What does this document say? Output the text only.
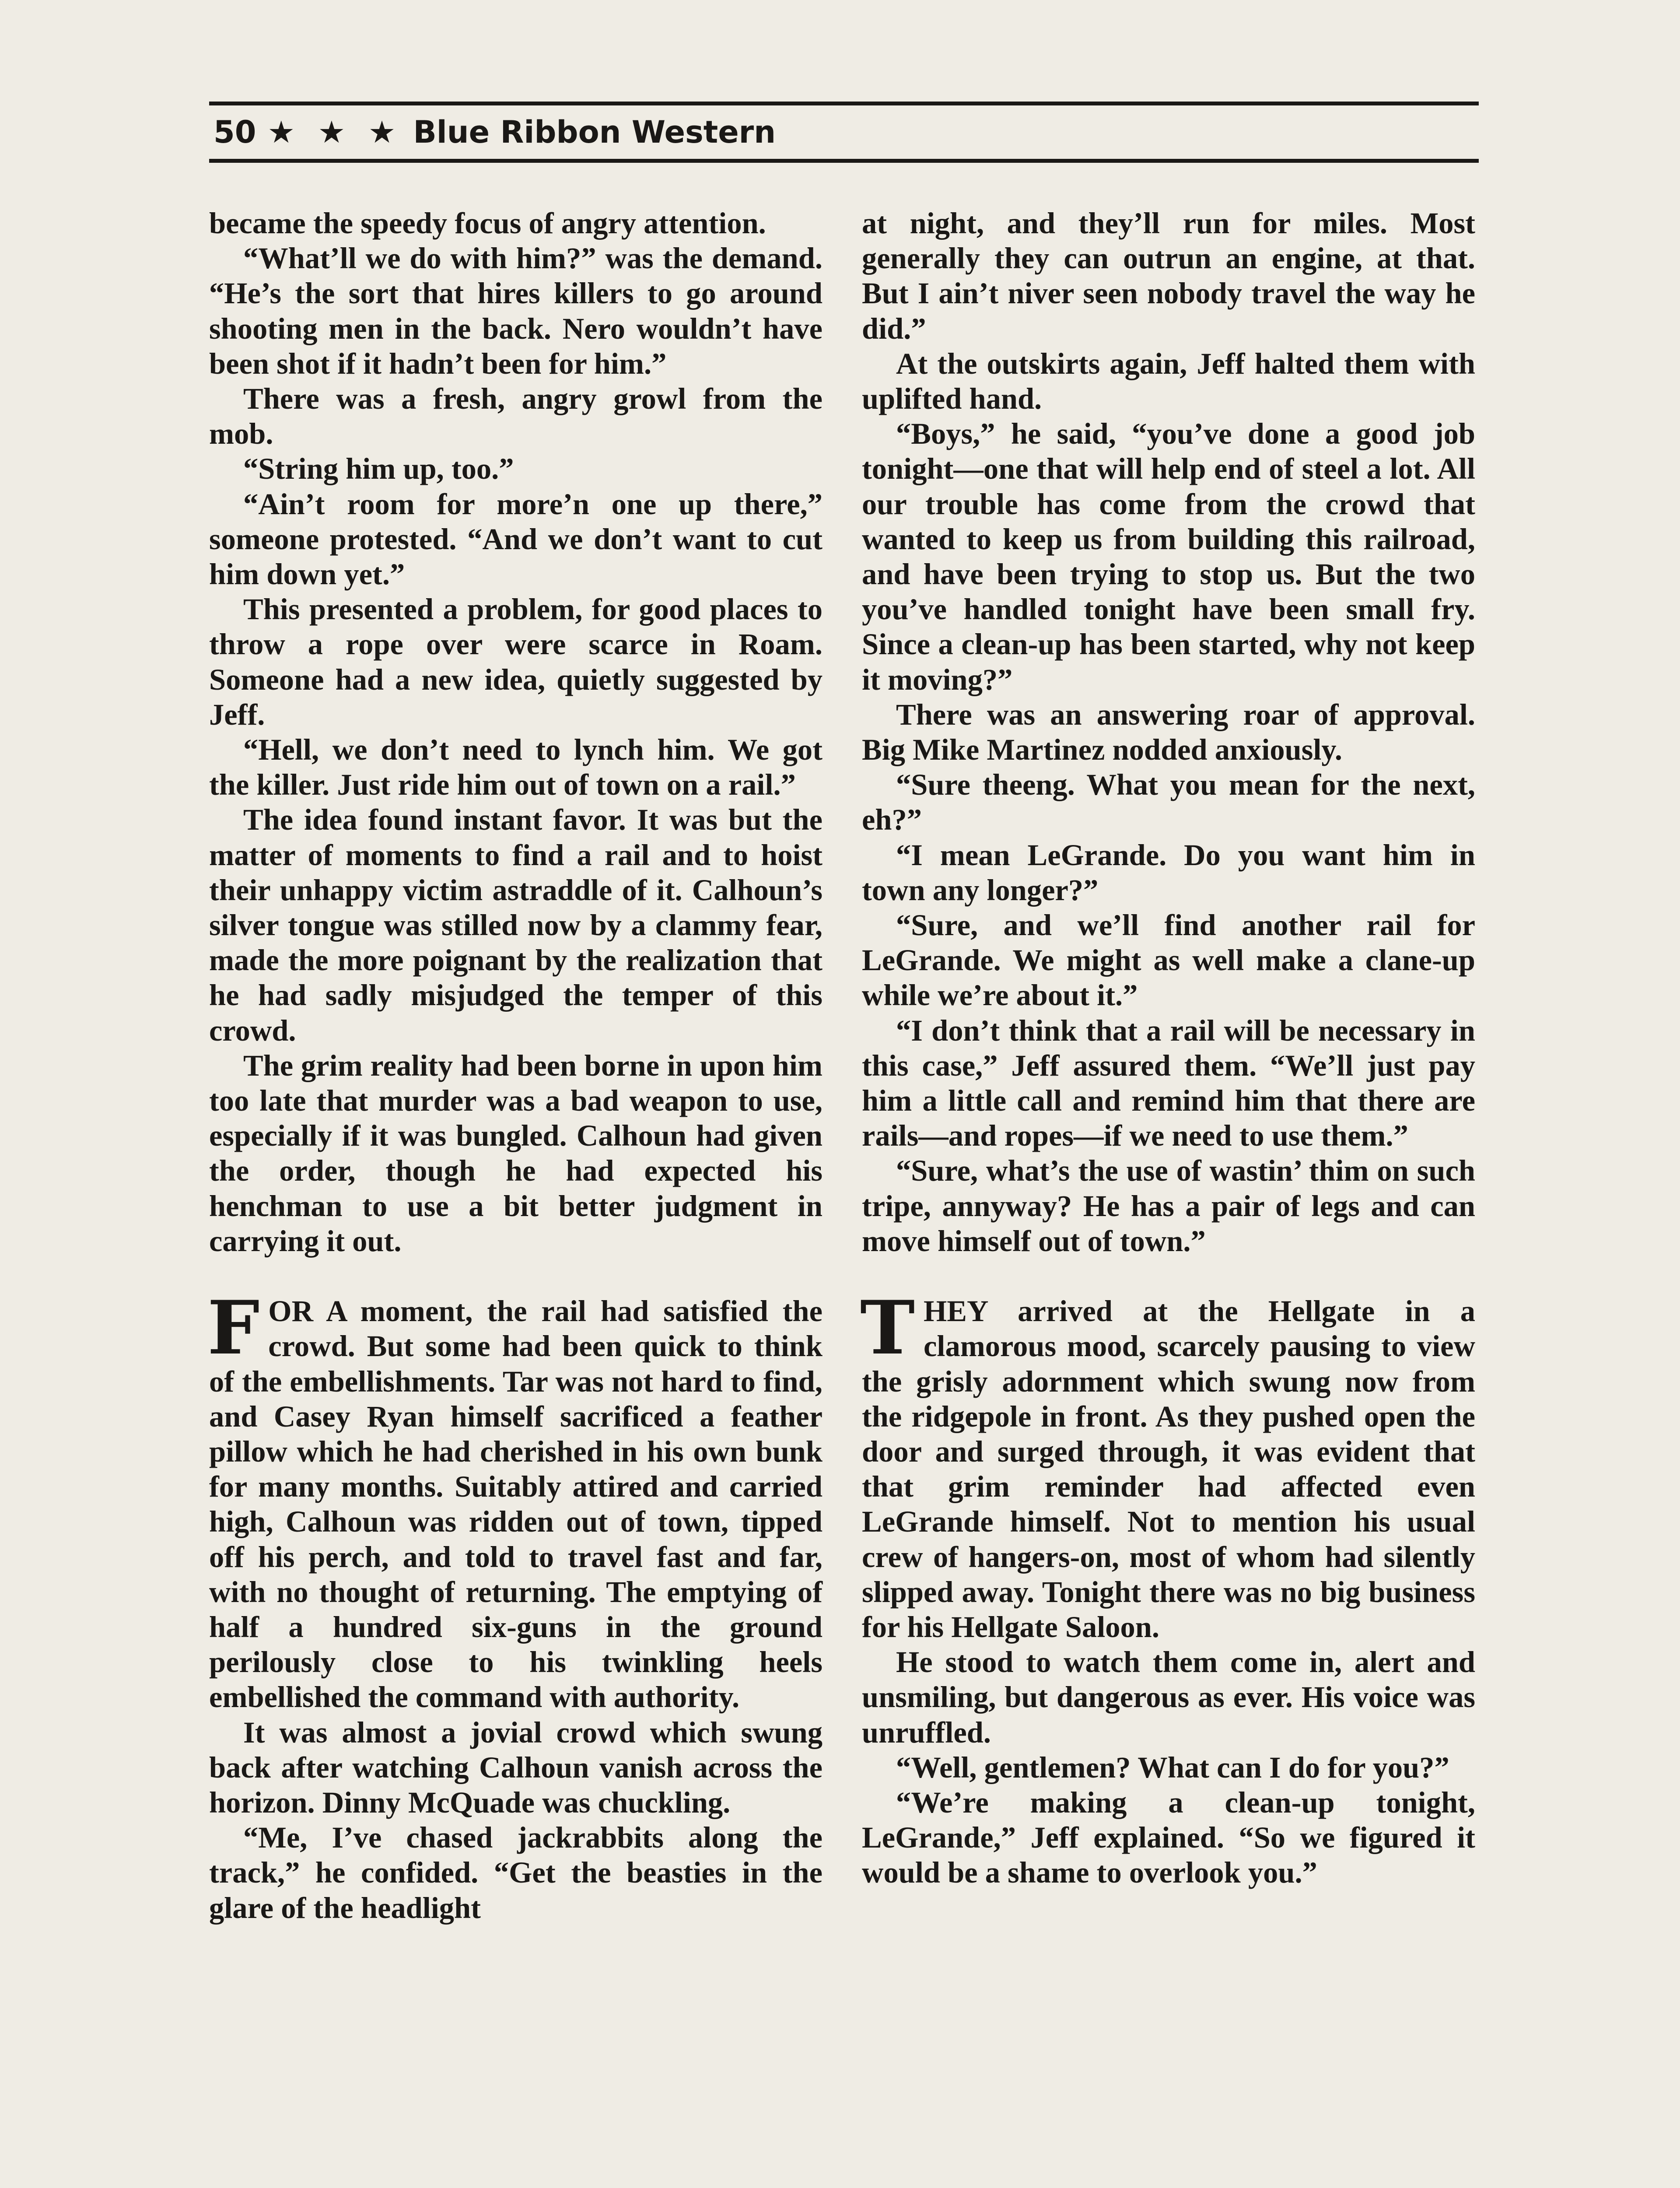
50 ★ ★ ★ Blue Ribbon Western

became the speedy focus of angry attention.

“What’ll we do with him?” was the demand. “He’s the sort that hires killers to go around shooting men in the back. Nero wouldn’t have been shot if it hadn’t been for him.”

There was a fresh, angry growl from the mob.

“String him up, too.”

“Ain’t room for more’n one up there,” someone protested. “And we don’t want to cut him down yet.”

This presented a problem, for good places to throw a rope over were scarce in Roam. Someone had a new idea, quietly suggested by Jeff.

“Hell, we don’t need to lynch him. We got the killer. Just ride him out of town on a rail.”

The idea found instant favor. It was but the matter of moments to find a rail and to hoist their unhappy victim astraddle of it. Calhoun’s silver tongue was stilled now by a clammy fear, made the more poignant by the realization that he had sadly misjudged the temper of this crowd.

The grim reality had been borne in upon him too late that murder was a bad weapon to use, especially if it was bungled. Calhoun had given the order, though he had expected his henchman to use a bit better judgment in carrying it out.

FOR A moment, the rail had satisfied the crowd. But some had been quick to think of the embellishments. Tar was not hard to find, and Casey Ryan himself sacrificed a feather pillow which he had cherished in his own bunk for many months. Suitably attired and carried high, Calhoun was ridden out of town, tipped off his perch, and told to travel fast and far, with no thought of returning. The emptying of half a hundred six-guns in the ground perilously close to his twinkling heels embellished the command with authority.

It was almost a jovial crowd which swung back after watching Calhoun vanish across the horizon. Dinny McQuade was chuckling.

“Me, I’ve chased jackrabbits along the track,” he confided. “Get the beasties in the glare of the headlight

at night, and they’ll run for miles. Most generally they can outrun an engine, at that. But I ain’t niver seen nobody travel the way he did.”

At the outskirts again, Jeff halted them with uplifted hand.

“Boys,” he said, “you’ve done a good job tonight—one that will help end of steel a lot. All our trouble has come from the crowd that wanted to keep us from building this railroad, and have been trying to stop us. But the two you’ve handled tonight have been small fry. Since a clean-up has been started, why not keep it moving?”

There was an answering roar of approval. Big Mike Martinez nodded anxiously.

“Sure theeng. What you mean for the next, eh?”

“I mean LeGrande. Do you want him in town any longer?”

“Sure, and we’ll find another rail for LeGrande. We might as well make a clane-up while we’re about it.”

“I don’t think that a rail will be necessary in this case,” Jeff assured them. “We’ll just pay him a little call and remind him that there are rails—and ropes—if we need to use them.”

“Sure, what’s the use of wastin’ thim on such tripe, annyway? He has a pair of legs and can move himself out of town.”

THEY arrived at the Hellgate in a clamorous mood, scarcely pausing to view the grisly adornment which swung now from the ridgepole in front. As they pushed open the door and surged through, it was evident that that grim reminder had affected even LeGrande himself. Not to mention his usual crew of hangers-on, most of whom had silently slipped away. Tonight there was no big business for his Hellgate Saloon.

He stood to watch them come in, alert and unsmiling, but dangerous as ever. His voice was unruffled.

“Well, gentlemen? What can I do for you?”

“We’re making a clean-up tonight, LeGrande,” Jeff explained. “So we figured it would be a shame to overlook you.”
